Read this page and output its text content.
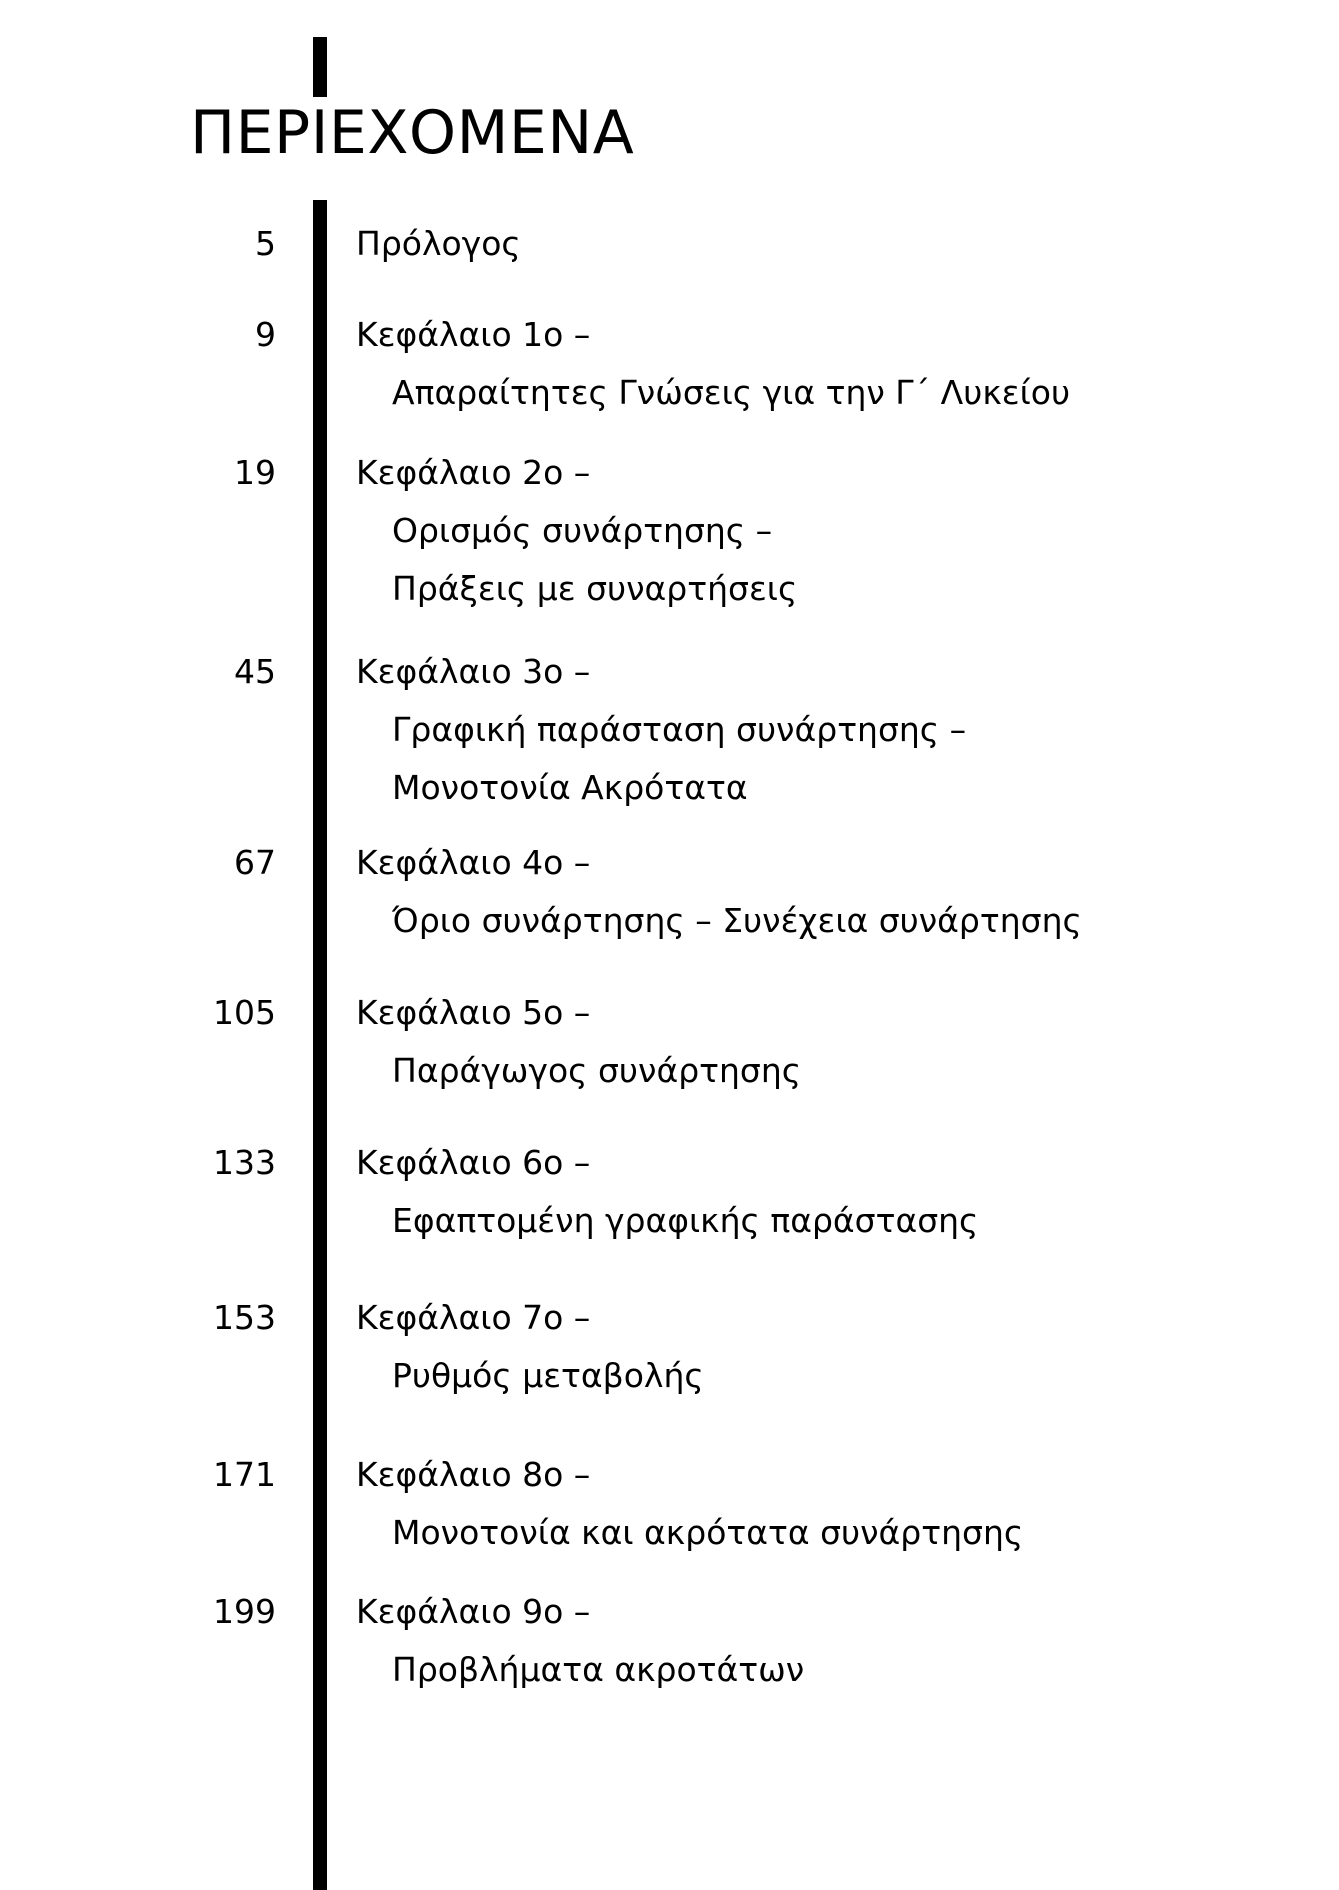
ΠΕΡΙΕΧΟΜΕΝΑ
5 Πρόλογος
9 Κεφάλαιο 1ο –
Απαραίτητες Γνώσεις για την Γ΄ Λυκείου
19 Κεφάλαιο 2ο –
Ορισμός συνάρτησης –
Πράξεις με συναρτήσεις
45 Κεφάλαιο 3ο –
Γραφική παράσταση συνάρτησης –
Μονοτονία Ακρότατα
67 Κεφάλαιο 4ο –
Όριο συνάρτησης – Συνέχεια συνάρτησης
105 Κεφάλαιο 5ο –
Παράγωγος συνάρτησης
133 Κεφάλαιο 6ο –
Εφαπτομένη γραφικής παράστασης
153 Κεφάλαιο 7ο –
Ρυθμός μεταβολής
171 Κεφάλαιο 8ο –
Μονοτονία και ακρότατα συνάρτησης
199 Κεφάλαιο 9ο –
Προβλήματα ακροτάτων
